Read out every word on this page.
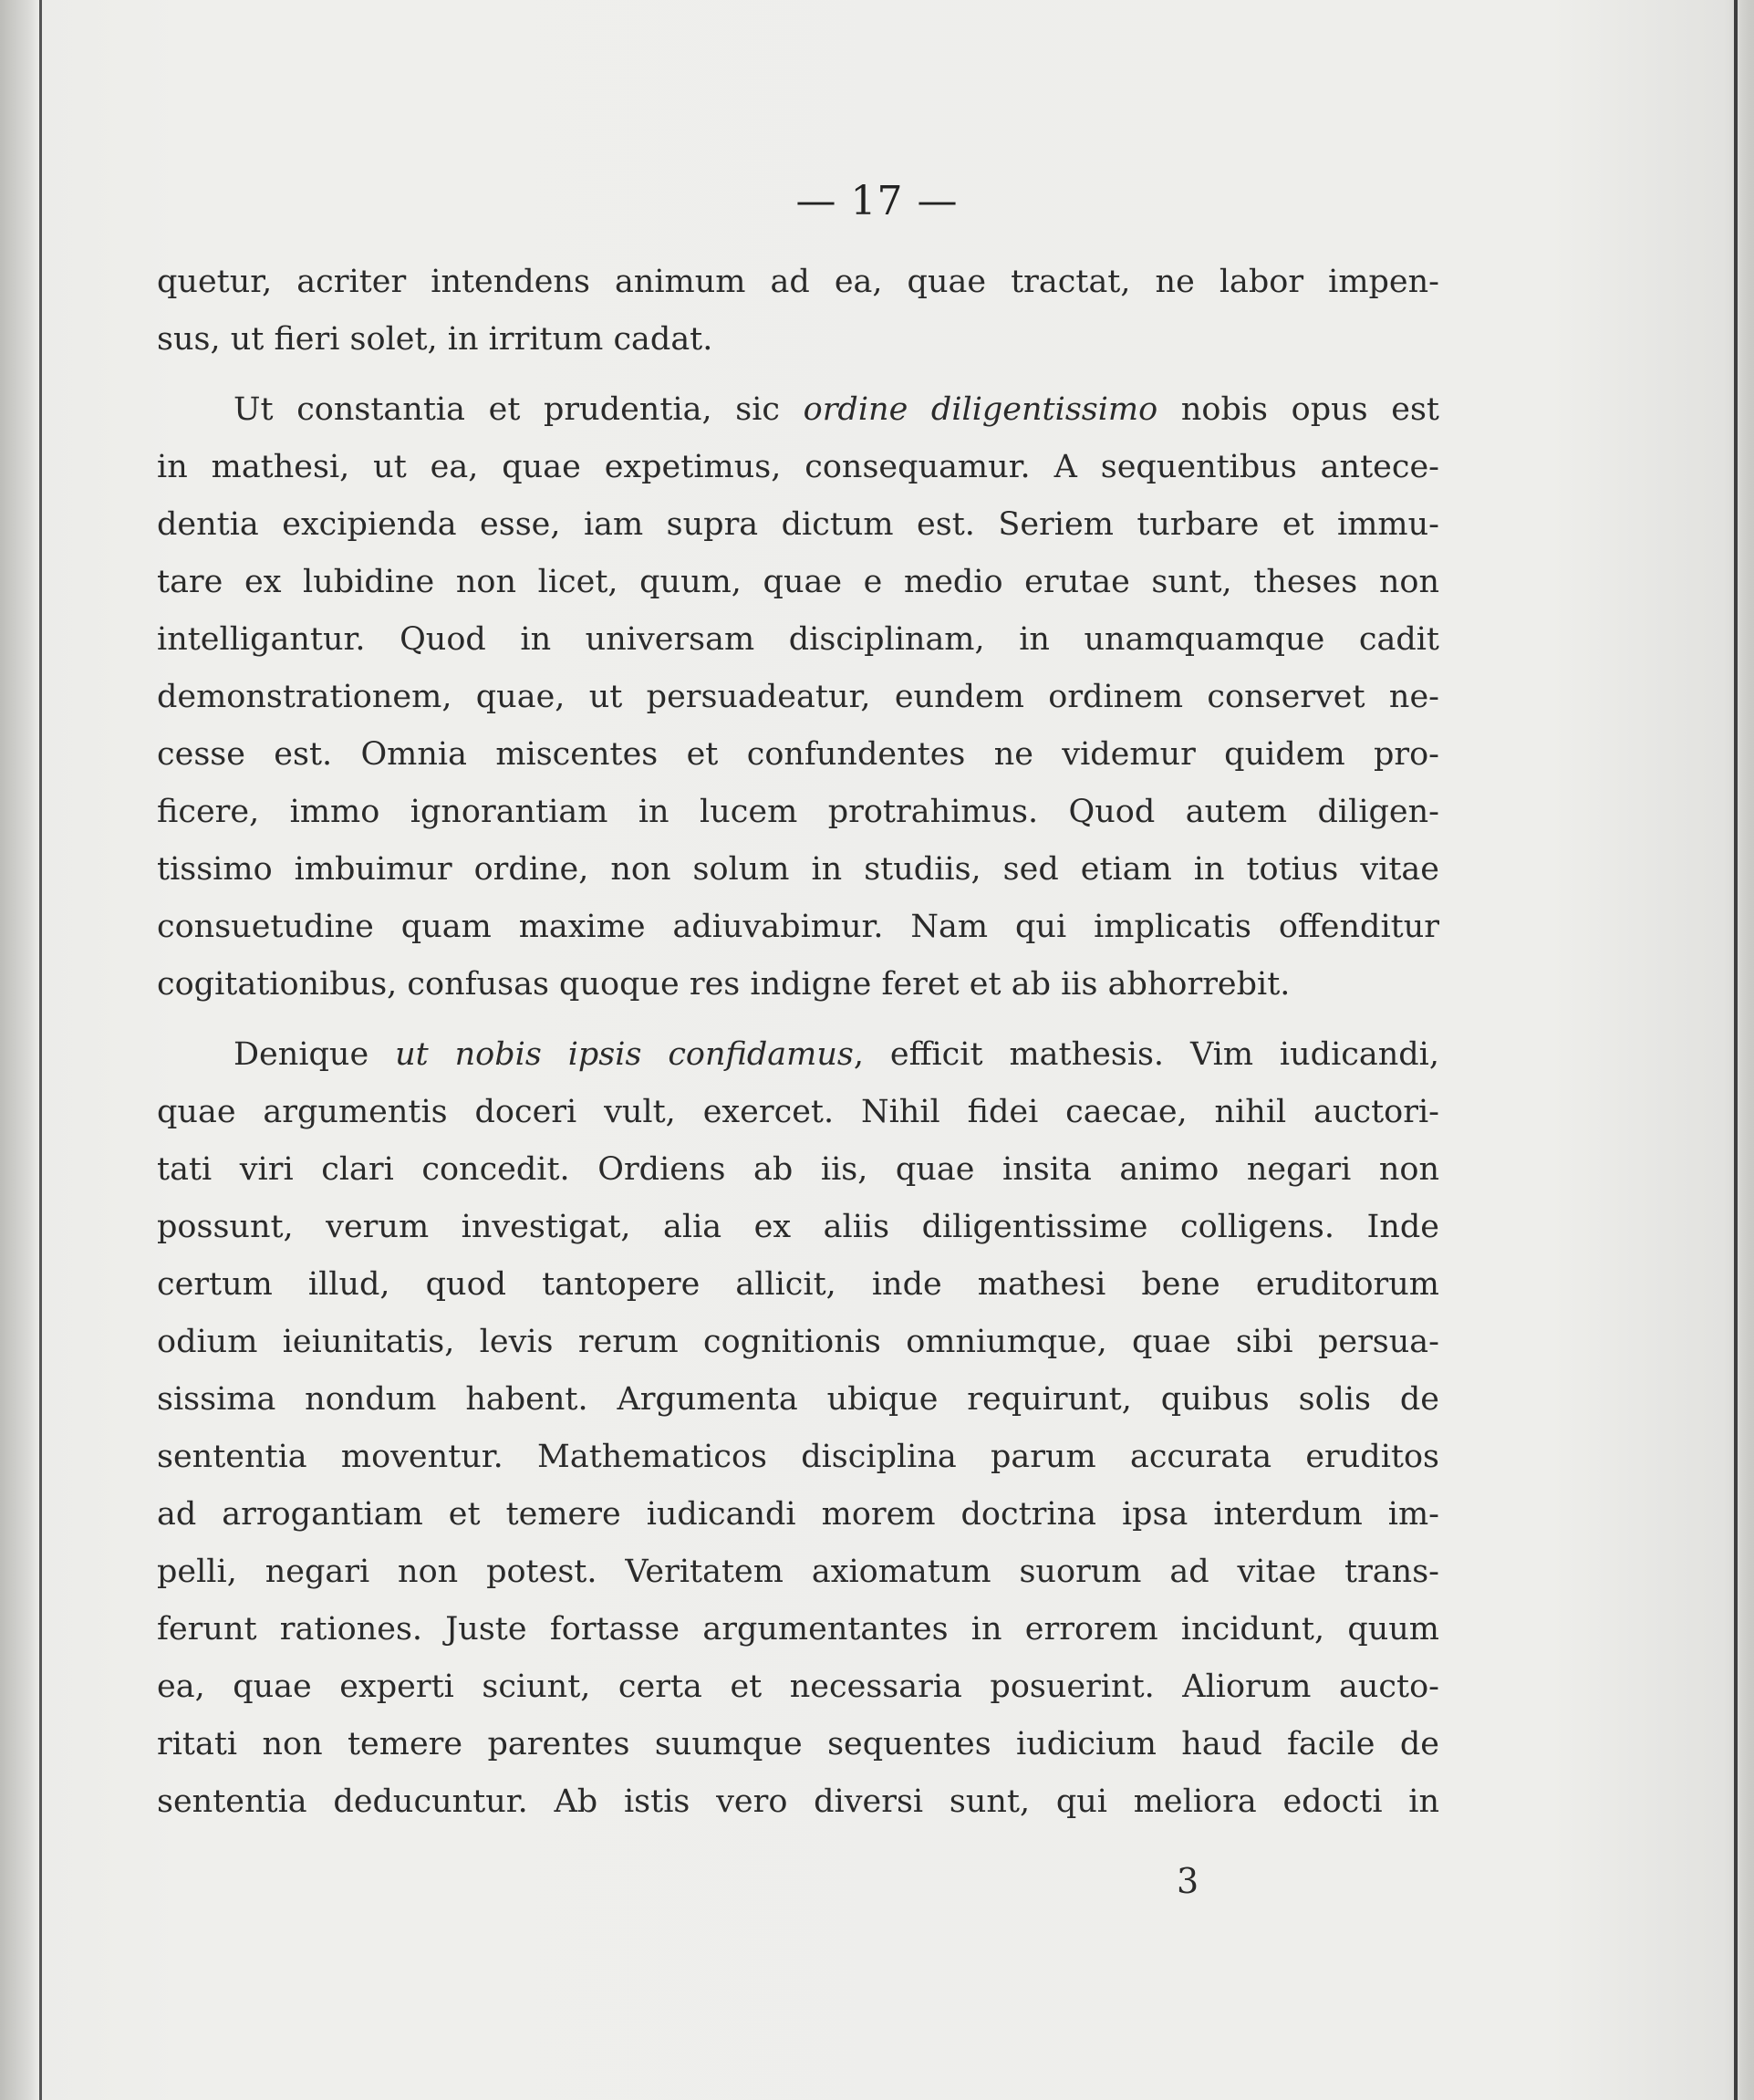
— 17 —
quetur, acriter intendens animum ad ea, quae tractat, ne labor impen-
sus, ut fieri solet, in irritum cadat.
Ut constantia et prudentia, sic ordine diligentissimo nobis opus est
in mathesi, ut ea, quae expetimus, consequamur. A sequentibus antece-
dentia excipienda esse, iam supra dictum est. Seriem turbare et immu-
tare ex lubidine non licet, quum, quae e medio erutae sunt, theses non
intelligantur. Quod in universam disciplinam, in unamquamque cadit
demonstrationem, quae, ut persuadeatur, eundem ordinem conservet ne-
cesse est. Omnia miscentes et confundentes ne videmur quidem pro-
ficere, immo ignorantiam in lucem protrahimus. Quod autem diligen-
tissimo imbuimur ordine, non solum in studiis, sed etiam in totius vitae
consuetudine quam maxime adiuvabimur. Nam qui implicatis offenditur
cogitationibus, confusas quoque res indigne feret et ab iis abhorrebit.
Denique ut nobis ipsis confidamus, efficit mathesis. Vim iudicandi,
quae argumentis doceri vult, exercet. Nihil fidei caecae, nihil auctori-
tati viri clari concedit. Ordiens ab iis, quae insita animo negari non
possunt, verum investigat, alia ex aliis diligentissime colligens. Inde
certum illud, quod tantopere allicit, inde mathesi bene eruditorum
odium ieiunitatis, levis rerum cognitionis omniumque, quae sibi persua-
sissima nondum habent. Argumenta ubique requirunt, quibus solis de
sententia moventur. Mathematicos disciplina parum accurata eruditos
ad arrogantiam et temere iudicandi morem doctrina ipsa interdum im-
pelli, negari non potest. Veritatem axiomatum suorum ad vitae trans-
ferunt rationes. Juste fortasse argumentantes in errorem incidunt, quum
ea, quae experti sciunt, certa et necessaria posuerint. Aliorum aucto-
ritati non temere parentes suumque sequentes iudicium haud facile de
sententia deducuntur. Ab istis vero diversi sunt, qui meliora edocti in
3
